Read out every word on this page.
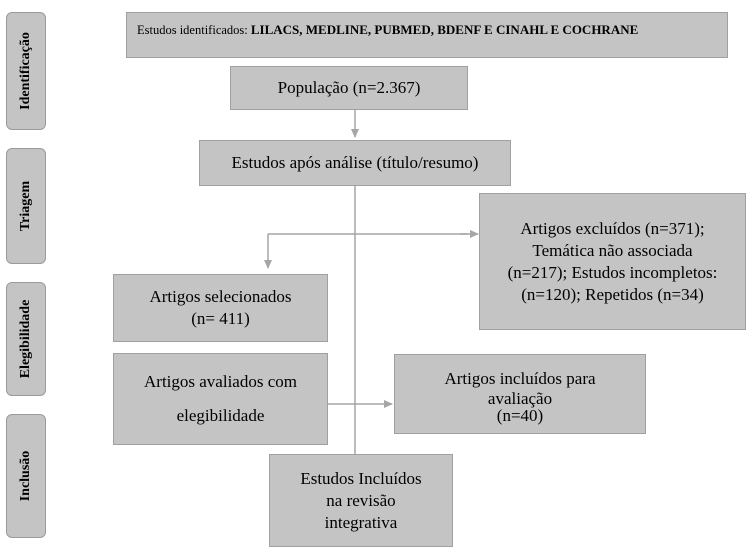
Identificação
Triagem
Elegibilidade
Inclusão
Estudos identificados:
LILACS, MEDLINE, PUBMED, BDENF E CINAHL E COCHRANE
População (n=2.367)
Estudos após análise (título/resumo)
Artigos excluídos (n=371);
Temática não associada
(n=217); Estudos incompletos:
(n=120); Repetidos (n=34)
Artigos selecionados
(n= 411)
Artigos avaliados com
elegibilidade
Artigos incluídos para
avaliação
(n=40)
Estudos Incluídos
na revisão
integrativa
